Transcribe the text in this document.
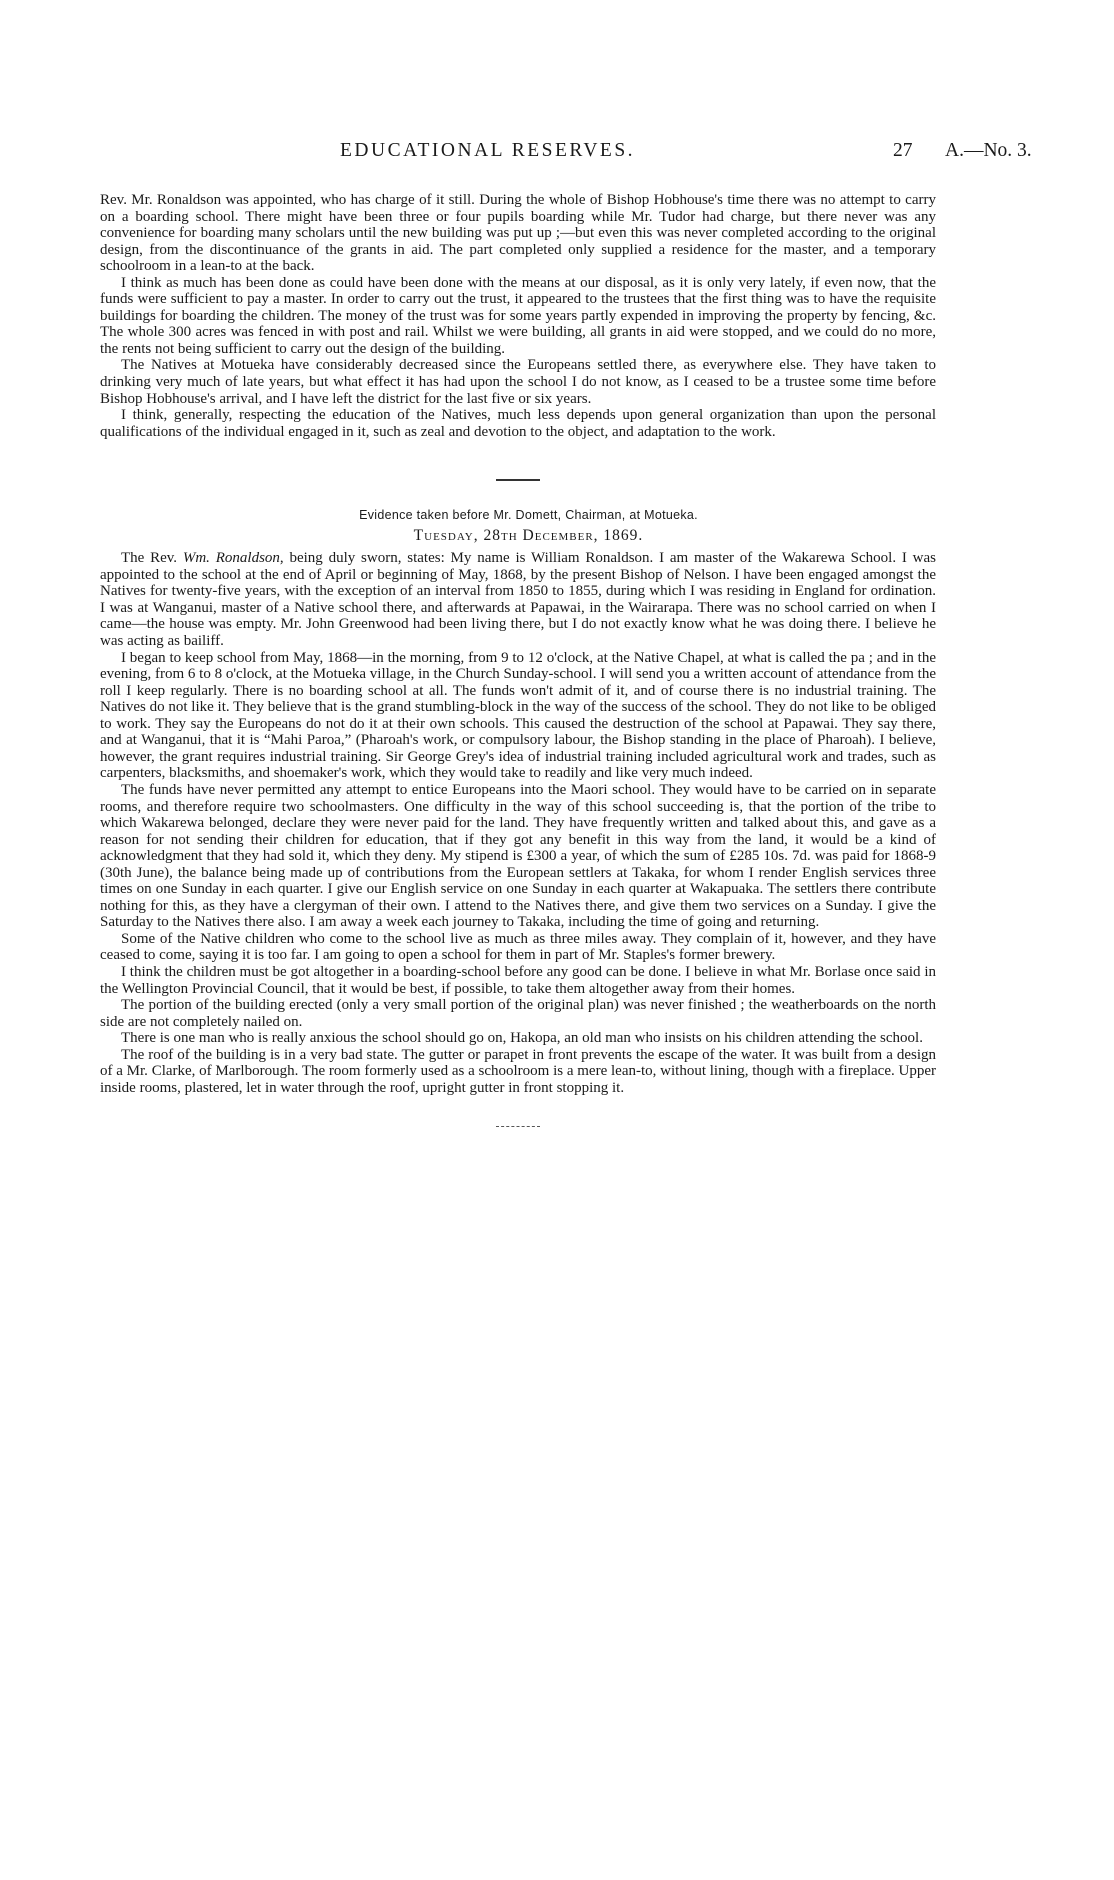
EDUCATIONAL RESERVES.	27 A.—No. 3.

Rev. Mr. Ronaldson was appointed, who has charge of it still. During the whole of Bishop Hobhouse's time there was no attempt to carry on a boarding school. There might have been three or four pupils boarding while Mr. Tudor had charge, but there never was any convenience for boarding many scholars until the new building was put up ;—but even this was never completed according to the original design, from the discontinuance of the grants in aid. The part completed only supplied a residence for the master, and a temporary schoolroom in a lean-to at the back.

I think as much has been done as could have been done with the means at our disposal, as it is only very lately, if even now, that the funds were sufficient to pay a master. In order to carry out the trust, it appeared to the trustees that the first thing was to have the requisite buildings for boarding the children. The money of the trust was for some years partly expended in improving the property by fencing, &c. The whole 300 acres was fenced in with post and rail. Whilst we were building, all grants in aid were stopped, and we could do no more, the rents not being sufficient to carry out the design of the building.

The Natives at Motueka have considerably decreased since the Europeans settled there, as everywhere else. They have taken to drinking very much of late years, but what effect it has had upon the school I do not know, as I ceased to be a trustee some time before Bishop Hobhouse's arrival, and I have left the district for the last five or six years.

I think, generally, respecting the education of the Natives, much less depends upon general organization than upon the personal qualifications of the individual engaged in it, such as zeal and devotion to the object, and adaptation to the work.

Evidence taken before Mr. Domett, Chairman, at Motueka.

Tuesday, 28th December, 1869.

The Rev. Wm. Ronaldson, being duly sworn, states: My name is William Ronaldson. I am master of the Wakarewa School. I was appointed to the school at the end of April or beginning of May, 1868, by the present Bishop of Nelson. I have been engaged amongst the Natives for twenty-five years, with the exception of an interval from 1850 to 1855, during which I was residing in England for ordination. I was at Wanganui, master of a Native school there, and afterwards at Papawai, in the Wairarapa. There was no school carried on when I came—the house was empty. Mr. John Greenwood had been living there, but I do not exactly know what he was doing there. I believe he was acting as bailiff.

I began to keep school from May, 1868—in the morning, from 9 to 12 o'clock, at the Native Chapel, at what is called the pa ; and in the evening, from 6 to 8 o'clock, at the Motueka village, in the Church Sunday-school. I will send you a written account of attendance from the roll I keep regularly. There is no boarding school at all. The funds won't admit of it, and of course there is no industrial training. The Natives do not like it. They believe that is the grand stumbling-block in the way of the success of the school. They do not like to be obliged to work. They say the Europeans do not do it at their own schools. This caused the destruction of the school at Papawai. They say there, and at Wanganui, that it is “Mahi Paroa,” (Pharoah's work, or compulsory labour, the Bishop standing in the place of Pharoah). I believe, however, the grant requires industrial training. Sir George Grey's idea of industrial training included agricultural work and trades, such as carpenters, blacksmiths, and shoemaker's work, which they would take to readily and like very much indeed.

The funds have never permitted any attempt to entice Europeans into the Maori school. They would have to be carried on in separate rooms, and therefore require two schoolmasters. One difficulty in the way of this school succeeding is, that the portion of the tribe to which Wakarewa belonged, declare they were never paid for the land. They have frequently written and talked about this, and gave as a reason for not sending their children for education, that if they got any benefit in this way from the land, it would be a kind of acknowledgment that they had sold it, which they deny. My stipend is £300 a year, of which the sum of £285 10s. 7d. was paid for 1868-9 (30th June), the balance being made up of contributions from the European settlers at Takaka, for whom I render English services three times on one Sunday in each quarter. I give our English service on one Sunday in each quarter at Wakapuaka. The settlers there contribute nothing for this, as they have a clergyman of their own. I attend to the Natives there, and give them two services on a Sunday. I give the Saturday to the Natives there also. I am away a week each journey to Takaka, including the time of going and returning.

Some of the Native children who come to the school live as much as three miles away. They complain of it, however, and they have ceased to come, saying it is too far. I am going to open a school for them in part of Mr. Staples's former brewery.

I think the children must be got altogether in a boarding-school before any good can be done. I believe in what Mr. Borlase once said in the Wellington Provincial Council, that it would be best, if possible, to take them altogether away from their homes.

The portion of the building erected (only a very small portion of the original plan) was never finished ; the weatherboards on the north side are not completely nailed on.

There is one man who is really anxious the school should go on, Hakopa, an old man who insists on his children attending the school.

The roof of the building is in a very bad state. The gutter or parapet in front prevents the escape of the water. It was built from a design of a Mr. Clarke, of Marlborough. The room formerly used as a schoolroom is a mere lean-to, without lining, though with a fireplace. Upper inside rooms, plastered, let in water through the roof, upright gutter in front stopping it.
